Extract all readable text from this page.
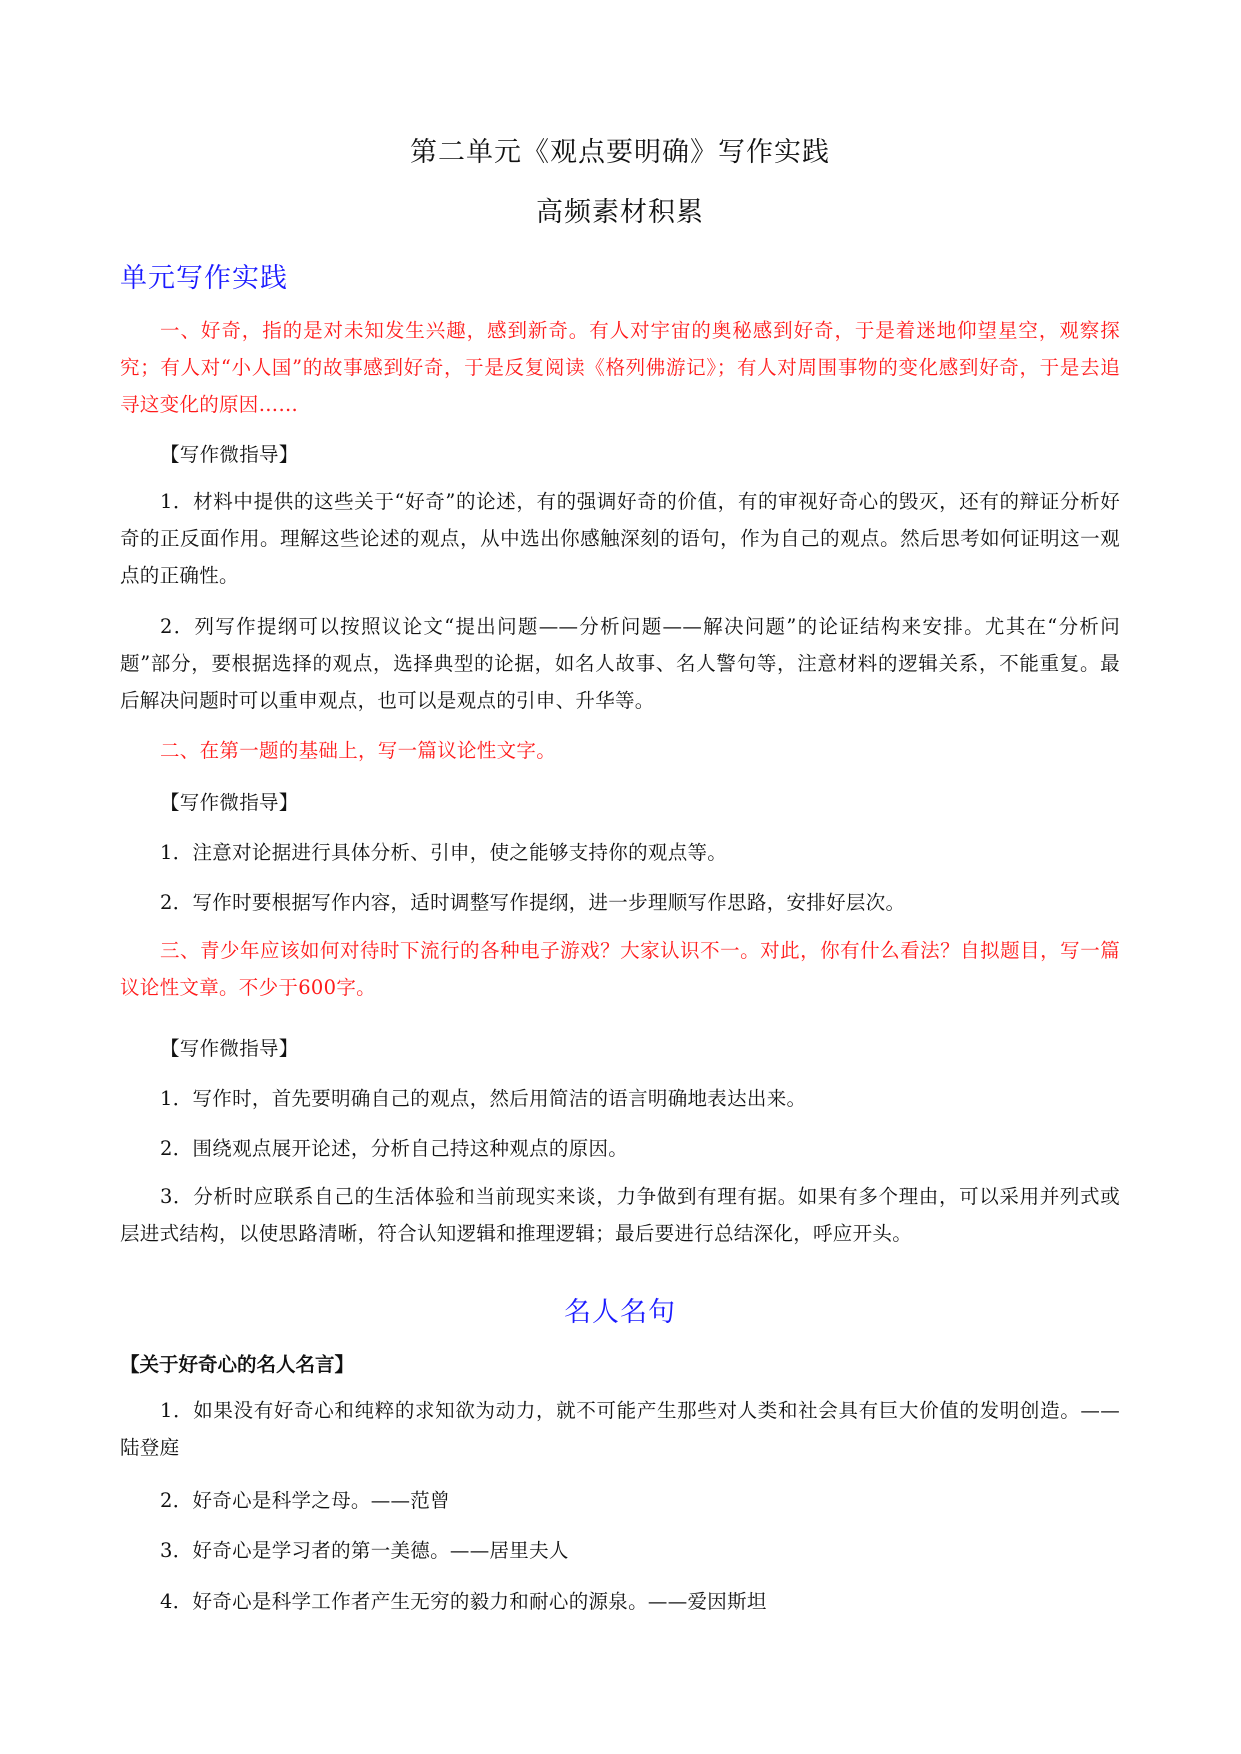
第二单元《观点要明确》写作实践
高频素材积累
单元写作实践
一、好奇，指的是对未知发生兴趣，感到新奇。有人对宇宙的奥秘感到好奇，于是着迷地仰望星空，观察探究；有人对“小人国”的故事感到好奇，于是反复阅读《格列佛游记》；有人对周围事物的变化感到好奇，于是去追寻这变化的原因……
【写作微指导】
1．材料中提供的这些关于“好奇”的论述，有的强调好奇的价值，有的审视好奇心的毁灭，还有的辩证分析好奇的正反面作用。理解这些论述的观点，从中选出你感触深刻的语句，作为自己的观点。然后思考如何证明这一观点的正确性。
2．列写作提纲可以按照议论文“提出问题——分析问题——解决问题”的论证结构来安排。尤其在“分析问题”部分，要根据选择的观点，选择典型的论据，如名人故事、名人警句等，注意材料的逻辑关系，不能重复。最后解决问题时可以重申观点，也可以是观点的引申、升华等。
二、在第一题的基础上，写一篇议论性文字。
【写作微指导】
1．注意对论据进行具体分析、引申，使之能够支持你的观点等。
2．写作时要根据写作内容，适时调整写作提纲，进一步理顺写作思路，安排好层次。
三、青少年应该如何对待时下流行的各种电子游戏？大家认识不一。对此，你有什么看法？自拟题目，写一篇议论性文章。不少于600字。
【写作微指导】
1．写作时，首先要明确自己的观点，然后用简洁的语言明确地表达出来。
2．围绕观点展开论述，分析自己持这种观点的原因。
3．分析时应联系自己的生活体验和当前现实来谈，力争做到有理有据。如果有多个理由，可以采用并列式或层进式结构，以使思路清晰，符合认知逻辑和推理逻辑；最后要进行总结深化，呼应开头。
名人名句
【关于好奇心的名人名言】
1．如果没有好奇心和纯粹的求知欲为动力，就不可能产生那些对人类和社会具有巨大价值的发明创造。——陆登庭
2．好奇心是科学之母。——范曾
3．好奇心是学习者的第一美德。——居里夫人
4．好奇心是科学工作者产生无穷的毅力和耐心的源泉。——爱因斯坦
